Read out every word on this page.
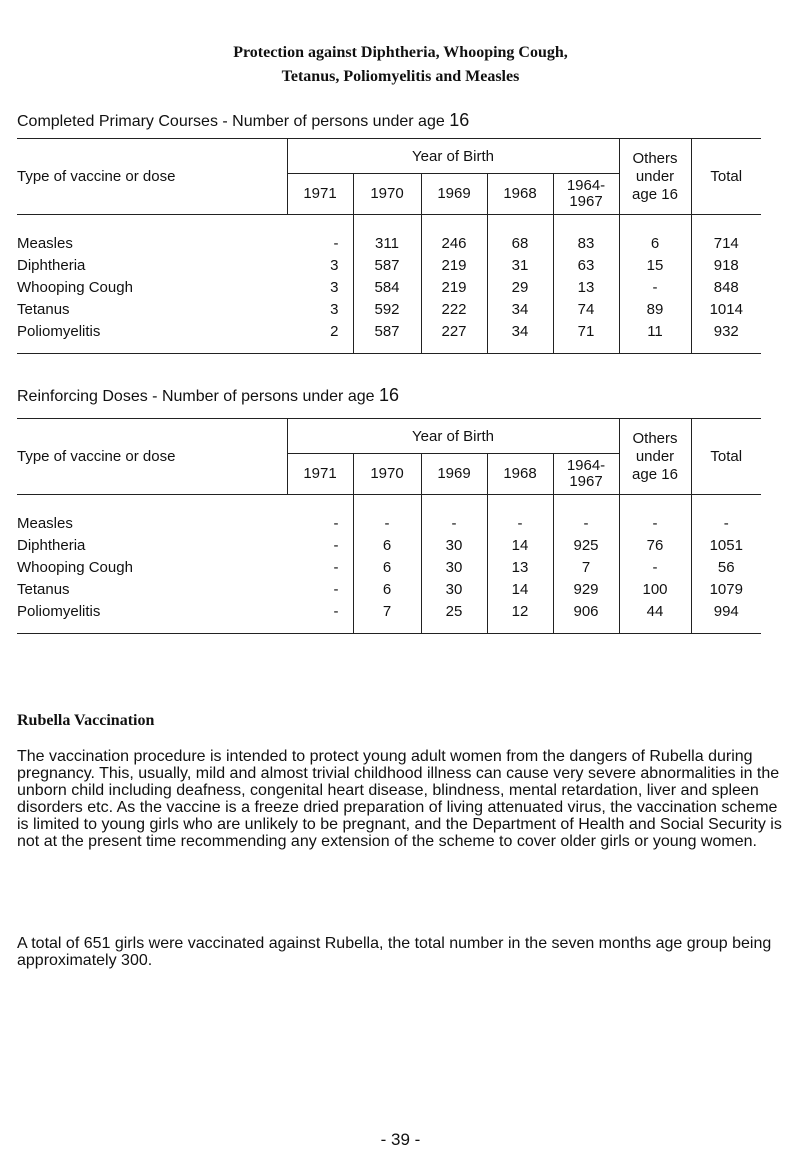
Protection against Diphtheria, Whooping Cough,
Tetanus, Poliomyelitis and Measles
Completed Primary Courses - Number of persons under age 16
Type of vaccine or dose	Year of Birth					Others
under
age 16	Total
	1971	1970	1969	1968	1964-
1967		
Measles	-	311	246	68	83	6	714
Diphtheria	3	587	219	31	63	15	918
Whooping Cough	3	584	219	29	13	-	848
Tetanus	3	592	222	34	74	89	1014
Poliomyelitis	2	587	227	34	71	11	932
Reinforcing Doses - Number of persons under age 16
Type of vaccine or dose	Year of Birth					Others
under
age 16	Total
	1971	1970	1969	1968	1964-
1967		
Measles	-	-	-	-	-	-	-
Diphtheria	-	6	30	14	925	76	1051
Whooping Cough	-	6	30	13	7	-	56
Tetanus	-	6	30	14	929	100	1079
Poliomyelitis	-	7	25	12	906	44	994
Rubella Vaccination

The vaccination procedure is intended to protect young adult women from the dangers of Rubella during pregnancy. This, usually, mild and almost trivial childhood illness can cause very severe abnormalities in the unborn child including deafness, congenital heart disease, blindness, mental retardation, liver and spleen disorders etc. As the vaccine is a freeze dried preparation of living attenuated virus, the vaccination scheme is limited to young girls who are unlikely to be pregnant, and the Department of Health and Social Security is not at the present time recommending any extension of the scheme to cover older girls or young women.

A total of 651 girls were vaccinated against Rubella, the total number in the seven months age group being approximately 300.

- 39 -
